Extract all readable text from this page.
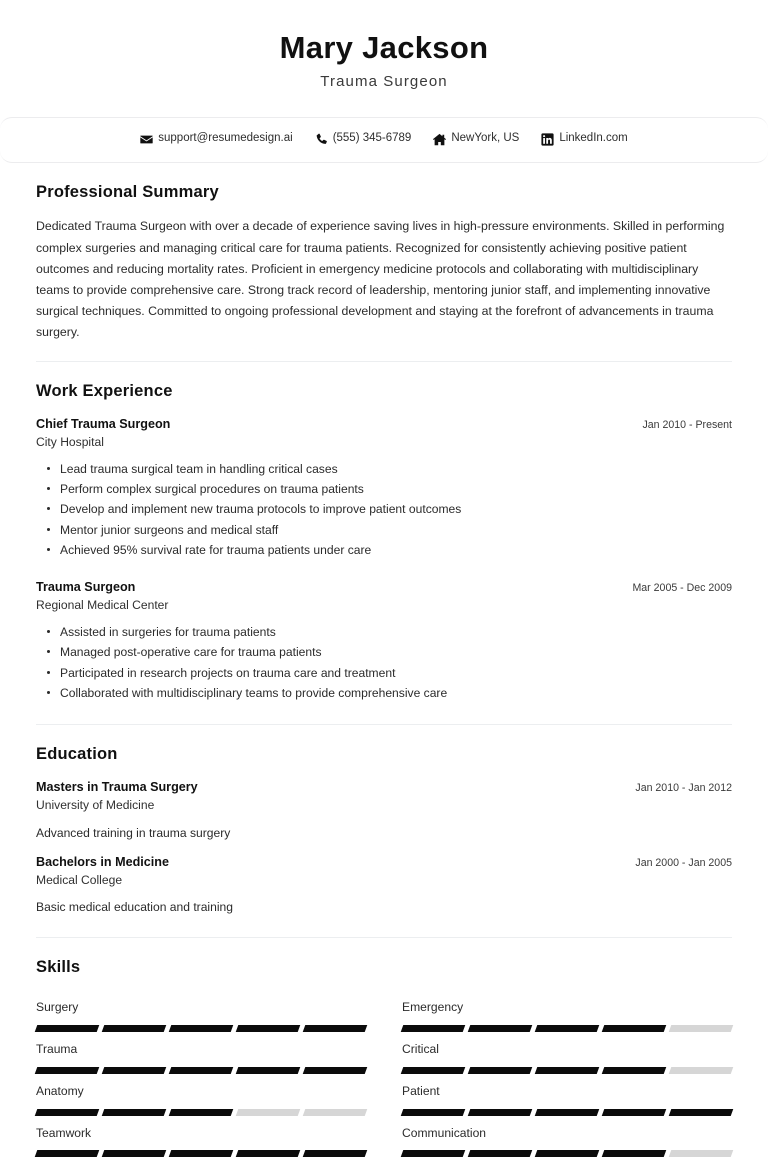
Mary Jackson
Trauma Surgeon
support@resumedesign.ai	(555) 345-6789	NewYork, US	LinkedIn.com
Professional Summary

Dedicated Trauma Surgeon with over a decade of experience saving lives in high-pressure environments. Skilled in performing complex surgeries and managing critical care for trauma patients. Recognized for consistently achieving positive patient outcomes and reducing mortality rates. Proficient in emergency medicine protocols and collaborating with multidisciplinary teams to provide comprehensive care. Strong track record of leadership, mentoring junior staff, and implementing innovative surgical techniques. Committed to ongoing professional development and staying at the forefront of advancements in trauma surgery.

Work Experience
Chief Trauma Surgeon	Jan 2010 - Present
City Hospital
Lead trauma surgical team in handling critical cases
Perform complex surgical procedures on trauma patients
Develop and implement new trauma protocols to improve patient outcomes
Mentor junior surgeons and medical staff
Achieved 95% survival rate for trauma patients under care
Trauma Surgeon	Mar 2005 - Dec 2009
Regional Medical Center
Assisted in surgeries for trauma patients
Managed post-operative care for trauma patients
Participated in research projects on trauma care and treatment
Collaborated with multidisciplinary teams to provide comprehensive care
Education
Masters in Trauma Surgery	Jan 2010 - Jan 2012
University of Medicine
Advanced training in trauma surgery
Bachelors in Medicine	Jan 2000 - Jan 2005
Medical College
Basic medical education and training
Skills
Surgery	Emergency
Trauma	Critical
Anatomy	Patient
Teamwork	Communication
